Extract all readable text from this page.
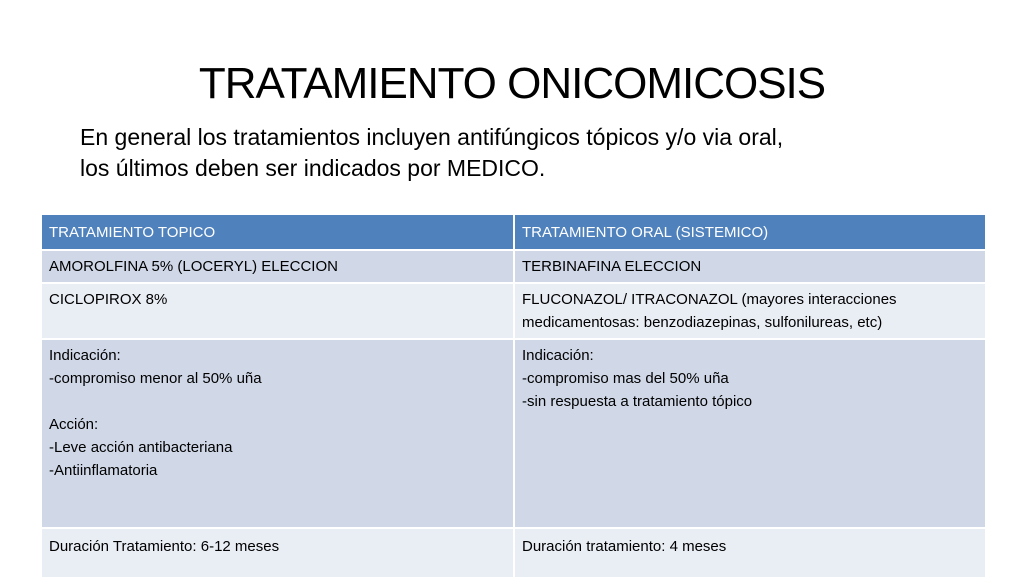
TRATAMIENTO ONICOMICOSIS
En general los tratamientos incluyen antifúngicos tópicos y/o via oral,
los últimos deben ser indicados por MEDICO.
TRATAMIENTO TOPICO	TRATAMIENTO ORAL (SISTEMICO)
AMOROLFINA 5% (LOCERYL) ELECCION	TERBINAFINA ELECCION
CICLOPIROX 8%	FLUCONAZOL/ ITRACONAZOL (mayores interacciones
medicamentosas: benzodiazepinas, sulfonilureas, etc)

Indicación:
-compromiso menor al 50% uña
Acción:
-Leve acción antibacteriana
-Antiinflamatoria	Indicación:
-compromiso mas del 50% uña
-sin respuesta a tratamiento tópico

Duración Tratamiento: 6-12 meses	Duración tratamiento: 4 meses
